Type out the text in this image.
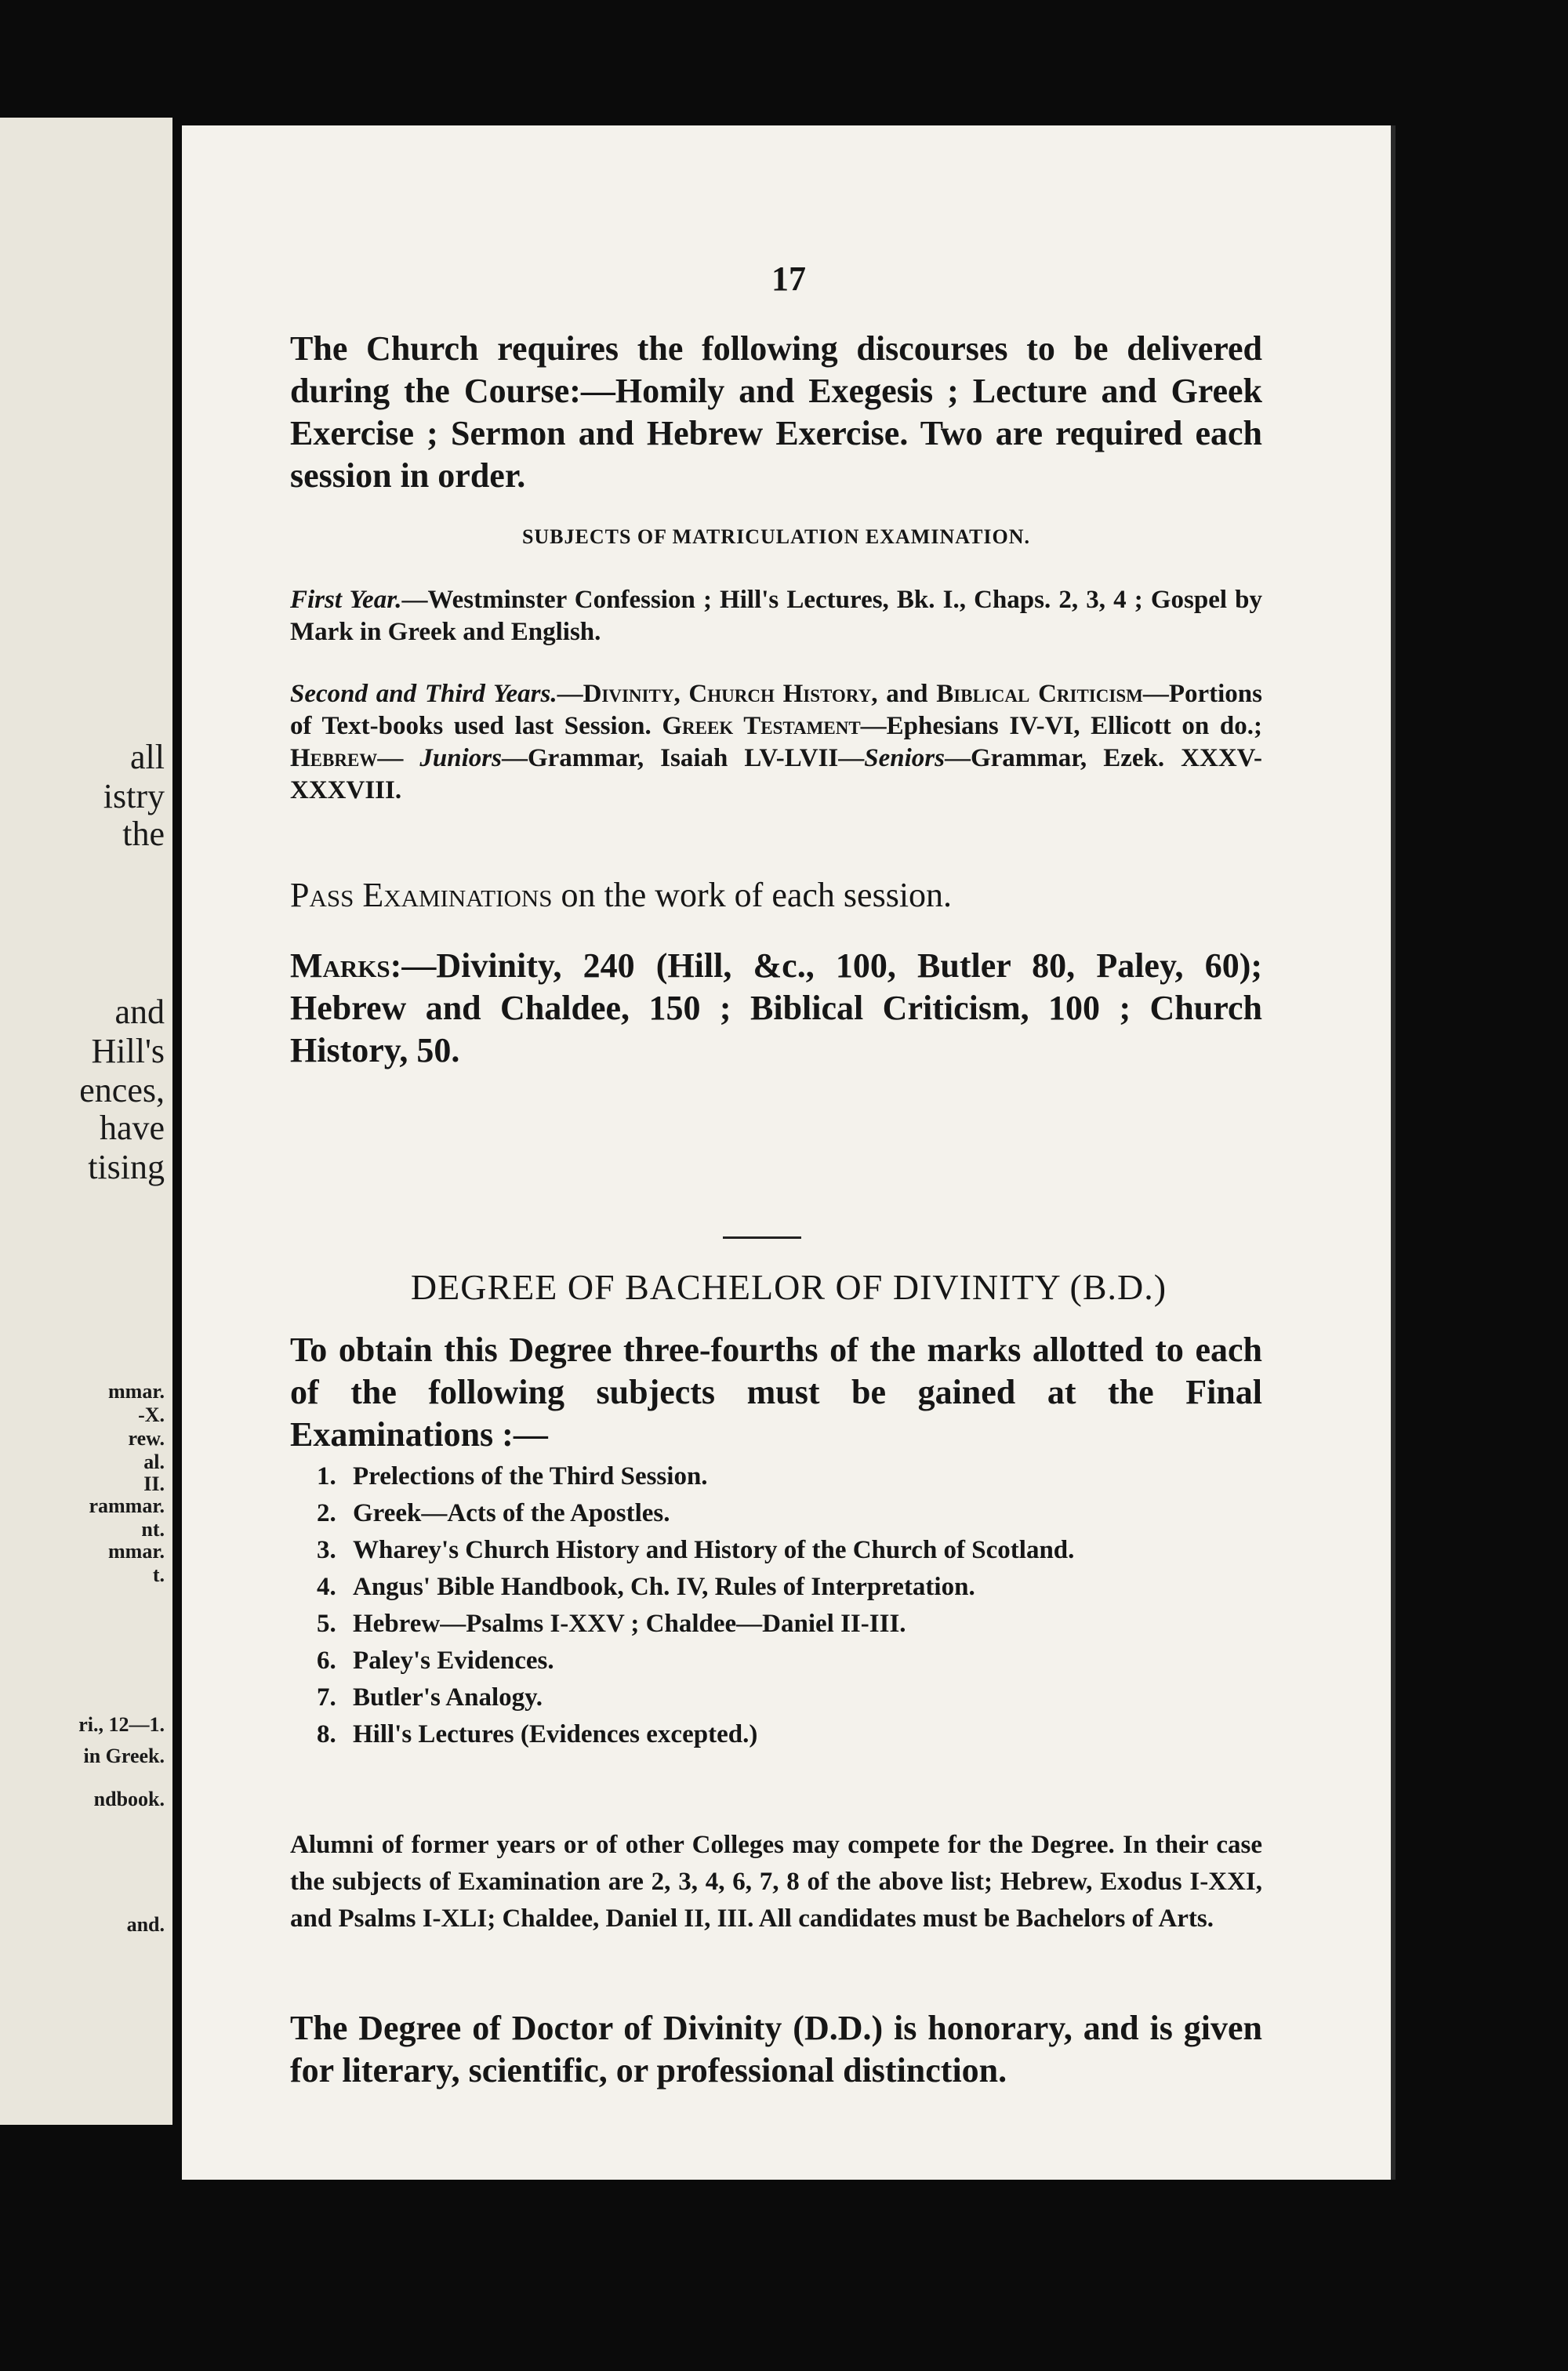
all
istry
the
and
Hill's
ences,
have
tising
mmar.
-X.
rew.
al.
II.
rammar.
nt.
mmar.
t.
ri., 12—1.
in Greek.
ndbook.
and.
17
The Church requires the following discourses to be delivered during the Course:—Homily and Exegesis ; Lecture and Greek Exercise ; Sermon and Hebrew Exercise. Two are required each session in order.
SUBJECTS OF MATRICULATION EXAMINATION.
First Year.—Westminster Confession ; Hill's Lectures, Bk. I., Chaps. 2, 3, 4 ; Gospel by Mark in Greek and English.
Second and Third Years.—Divinity, Church History, and Biblical Criticism—Portions of Text-books used last Session. Greek Testament—Ephesians IV-VI, Ellicott on do.; Hebrew— Juniors—Grammar, Isaiah LV-LVII—Seniors—Grammar, Ezek. XXXV-XXXVIII.
Pass Examinations on the work of each session.
Marks:—Divinity, 240 (Hill, &c., 100, Butler 80, Paley, 60); Hebrew and Chaldee, 150 ; Biblical Criticism, 100 ; Church History, 50.
DEGREE OF BACHELOR OF DIVINITY (B.D.)
To obtain this Degree three-fourths of the marks allotted to each of the following subjects must be gained at the Final Examinations :—
1. Prelections of the Third Session.
2. Greek—Acts of the Apostles.
3. Wharey's Church History and History of the Church of Scotland.
4. Angus' Bible Handbook, Ch. IV, Rules of Interpretation.
5. Hebrew—Psalms I-XXV ; Chaldee—Daniel II-III.
6. Paley's Evidences.
7. Butler's Analogy.
8. Hill's Lectures (Evidences excepted.)
Alumni of former years or of other Colleges may compete for the Degree. In their case the subjects of Examination are 2, 3, 4, 6, 7, 8 of the above list; Hebrew, Exodus I-XXI, and Psalms I-XLI; Chaldee, Daniel II, III. All candidates must be Bachelors of Arts.
The Degree of Doctor of Divinity (D.D.) is honorary, and is given for literary, scientific, or professional distinction.
